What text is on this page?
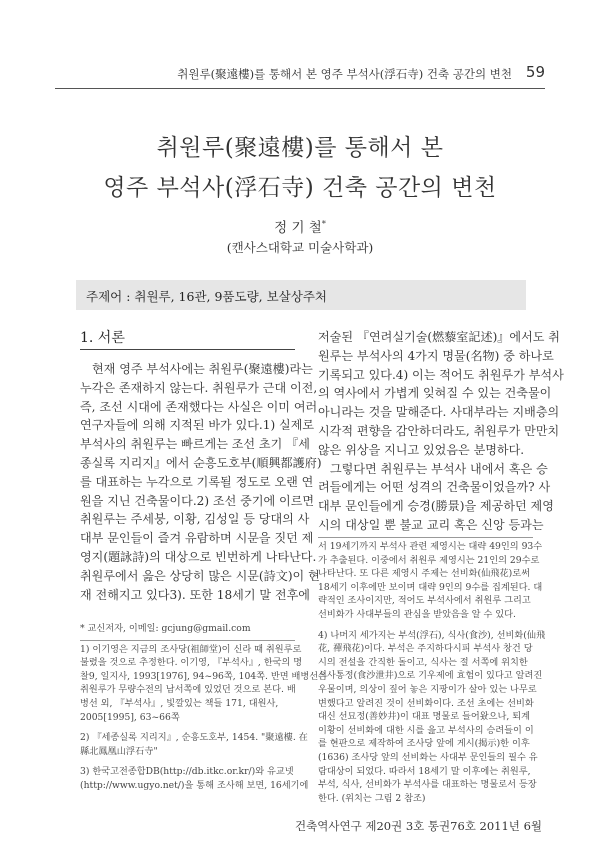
취원루(聚遠樓)를 통해서 본 영주 부석사(浮石寺) 건축 공간의 변천 59
취원루(聚遠樓)를 통해서 본
영주 부석사(浮石寺) 건축 공간의 변천
정 기 철*
(캔사스대학교 미술사학과)
주제어 : 취원루, 16관, 9품도량, 보살상주처
1. 서론
현재 영주 부석사에는 취원루(聚遠樓)라는
누각은 존재하지 않는다. 취원루가 근대 이전,
즉, 조선 시대에 존재했다는 사실은 이미 여러
연구자들에 의해 지적된 바가 있다.1) 실제로
부석사의 취원루는 빠르게는 조선 초기 『세
종실록 지리지』에서 순흥도호부(順興都護府)
를 대표하는 누각으로 기록될 정도로 오랜 연
원을 지닌 건축물이다.2) 조선 중기에 이르면
취원루는 주세붕, 이황, 김성일 등 당대의 사
대부 문인들이 즐겨 유람하며 시문을 짓던 제
영지(題詠詩)의 대상으로 빈번하게 나타난다.
취원루에서 읊은 상당히 많은 시문(詩文)이 현
재 전해지고 있다3). 또한 18세기 말 전후에
저술된 『연려실기술(燃藜室記述)』에서도 취
원루는 부석사의 4가지 명물(名物) 중 하나로
기록되고 있다.4) 이는 적어도 취원루가 부석사
의 역사에서 가볍게 잊혀질 수 있는 건축물이
아니라는 것을 말해준다. 사대부라는 지배층의
시각적 편향을 감안하더라도, 취원루가 만만치
않은 위상을 지니고 있었음은 분명하다.
그렇다면 취원루는 부석사 내에서 혹은 승
려들에게는 어떤 성격의 건축물이었을까? 사
대부 문인들에게 승경(勝景)을 제공하던 제영
시의 대상일 뿐 불교 교리 혹은 신앙 등과는
* 교신저자, 이메일: gcjung@gmail.com
1) 이기영은 지금의 조사당(祖師堂)이 신라 때 취원루로
불렸을 것으로 추정한다. 이기영, 『부석사』, 한국의 명
찰9, 일지사, 1993[1976], 94~96쪽, 104쪽. 반면 배병선은
취원루가 무량수전의 남서쪽에 있었던 것으로 본다. 배
병선 외, 『부석사』, 빛깔있는 책들 171, 대원사,
2005[1995], 63~66쪽
2) 『세종실록 지리지』, 순흥도호부, 1454. "聚遠樓. 在
縣北鳳凰山浮石寺"
3) 한국고전종합DB(http://db.itkc.or.kr/)와 유교넷
(http://www.ugyo.net/)을 통해 조사해 보면, 16세기에
서 19세기까지 부석사 관련 제영시는 대략 49인의 93수
가 추출된다. 이중에서 취원루 제영시는 21인의 29수로
나타난다. 또 다른 제영시 주제는 선비화(仙飛花)로써
18세기 이후에만 보이며 대략 9인의 9수를 집계된다. 대
략적인 조사이지만, 적어도 부석사에서 취원루 그리고
선비화가 사대부들의 관심을 받았음을 알 수 있다.
4) 나머지 세가지는 부석(浮石), 식사(食沙), 선비화(仙飛
花, 禪飛花)이다. 부석은 주지하다시피 부석사 창건 당
시의 전설을 간직한 돌이고, 식사는 절 서쪽에 위치한
식사통정(食沙泄井)으로 기우제에 효험이 있다고 알려진
우물이며, 의상이 짚어 놓은 지팡이가 살아 있는 나무로
변했다고 알려진 것이 선비화이다. 조선 초에는 선비화
대신 선묘정(善妙井)이 대표 명물로 들어왔으나, 퇴계
이황이 선비화에 대한 시를 읊고 부석사의 승려들이 이
를 현판으로 제작하여 조사당 앞에 게시(揭示)한 이후
(1636) 조사당 앞의 선비화는 사대부 문인들의 필수 유
람대상이 되었다. 따라서 18세기 말 이후에는 취원루,
부석, 식사, 선비화가 부석사를 대표하는 명물로서 등장
한다. (위치는 그림 2 참조)
건축역사연구 제20권 3호 통권76호 2011년 6월
